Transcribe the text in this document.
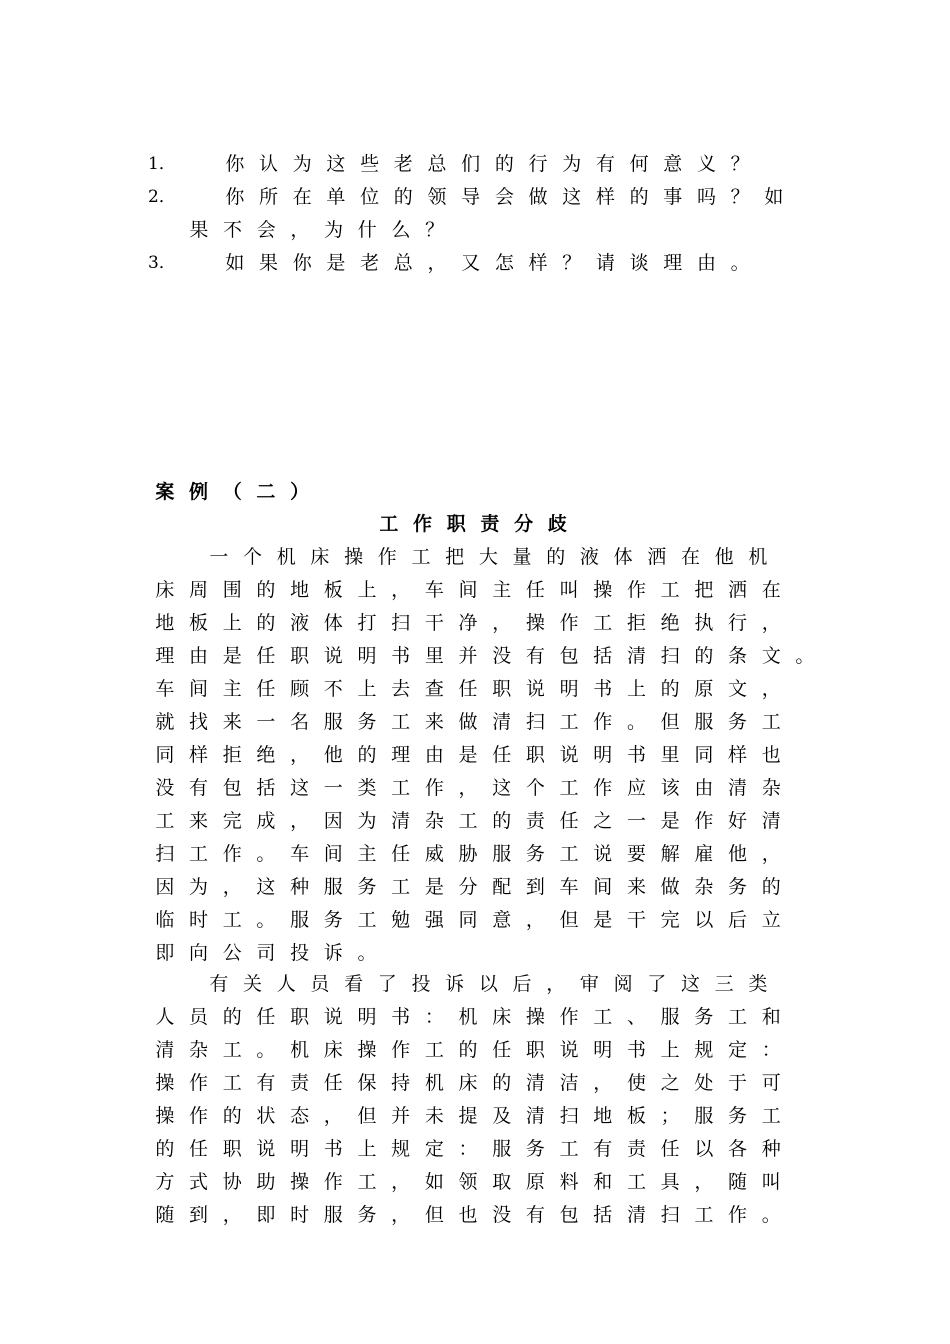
1．	你 认 为 这 些 老 总 们 的 行 为 有 何 意 义 ？
2．	你 所 在 单 位 的 领 导 会 做 这 样 的 事 吗 ？ 如
果 不 会 ， 为 什 么 ？
3．	如 果 你 是 老 总 ， 又 怎 样 ？ 请 谈 理 由 。
案 例 （ 二 ）
工 作 职 责 分 歧
一 个 机 床 操 作 工 把 大 量 的 液 体 洒 在 他 机
床 周 围 的 地 板 上 ， 车 间 主 任 叫 操 作 工 把 洒 在
地 板 上 的 液 体 打 扫 干 净 ， 操 作 工 拒 绝 执 行 ，
理 由 是 任 职 说 明 书 里 并 没 有 包 括 清 扫 的 条 文 。
车 间 主 任 顾 不 上 去 查 任 职 说 明 书 上 的 原 文 ，
就 找 来 一 名 服 务 工 来 做 清 扫 工 作 。 但 服 务 工
同 样 拒 绝 ， 他 的 理 由 是 任 职 说 明 书 里 同 样 也
没 有 包 括 这 一 类 工 作 ， 这 个 工 作 应 该 由 清 杂
工 来 完 成 ， 因 为 清 杂 工 的 责 任 之 一 是 作 好 清
扫 工 作 。 车 间 主 任 威 胁 服 务 工 说 要 解 雇 他 ，
因 为 ， 这 种 服 务 工 是 分 配 到 车 间 来 做 杂 务 的
临 时 工 。 服 务 工 勉 强 同 意 ， 但 是 干 完 以 后 立
即 向 公 司 投 诉 。
有 关 人 员 看 了 投 诉 以 后 ， 审 阅 了 这 三 类
人 员 的 任 职 说 明 书 ： 机 床 操 作 工 、 服 务 工 和
清 杂 工 。 机 床 操 作 工 的 任 职 说 明 书 上 规 定 ：
操 作 工 有 责 任 保 持 机 床 的 清 洁 ， 使 之 处 于 可
操 作 的 状 态 ， 但 并 未 提 及 清 扫 地 板 ； 服 务 工
的 任 职 说 明 书 上 规 定 ： 服 务 工 有 责 任 以 各 种
方 式 协 助 操 作 工 ， 如 领 取 原 料 和 工 具 ， 随 叫
随 到 ， 即 时 服 务 ， 但 也 没 有 包 括 清 扫 工 作 。
